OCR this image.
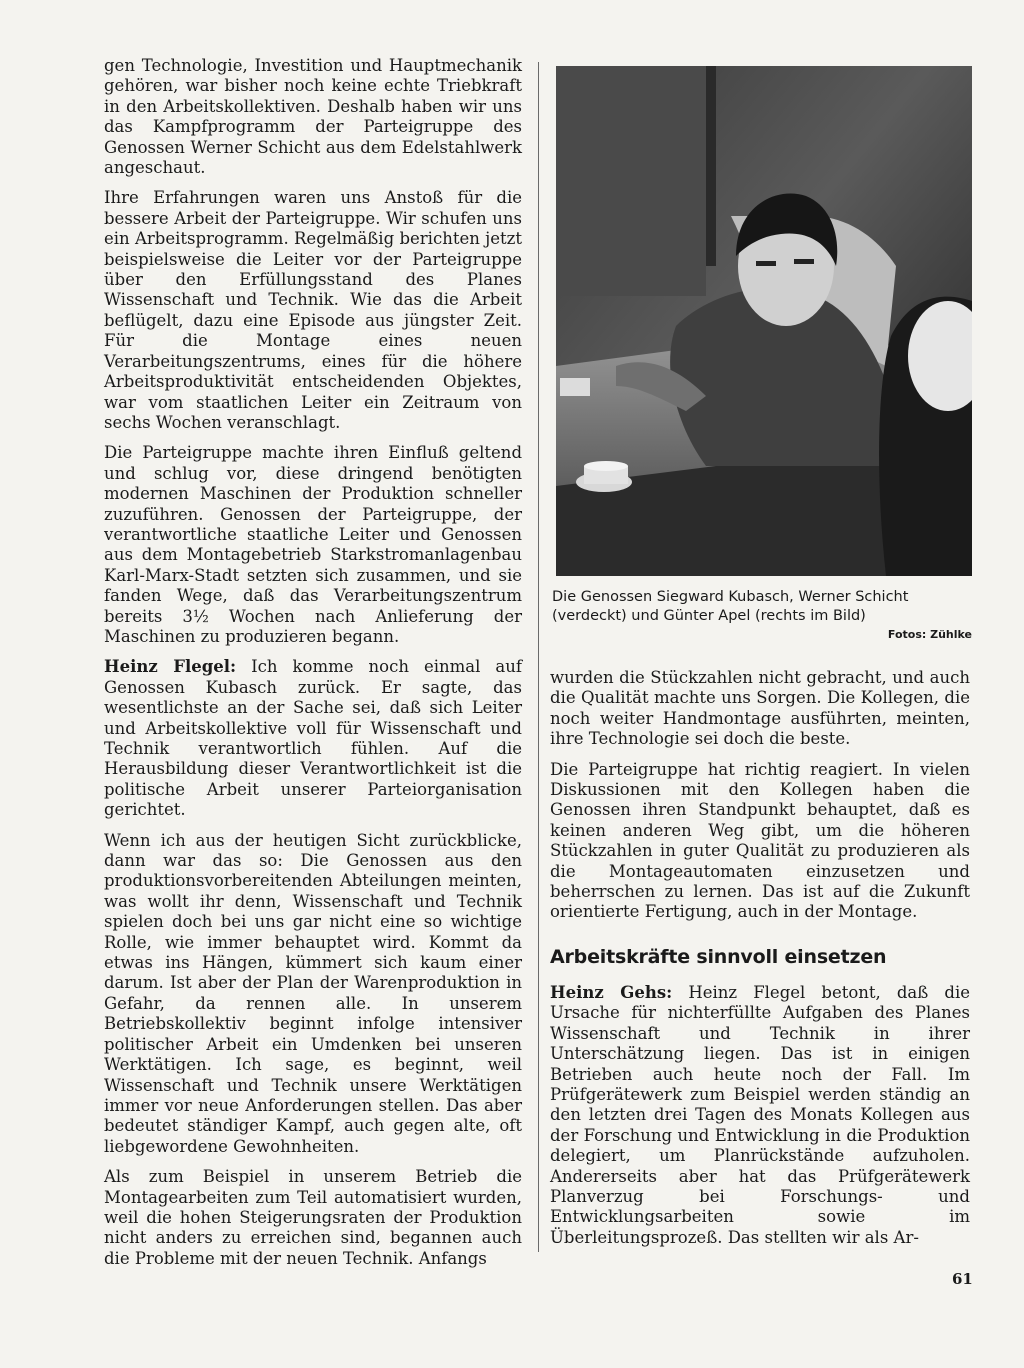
gen Technologie, Investition und Hauptmechanik gehören, war bisher noch keine echte Triebkraft in den Arbeitskollektiven. Deshalb haben wir uns das Kampfprogramm der Parteigruppe des Genossen Werner Schicht aus dem Edelstahlwerk angeschaut.

Ihre Erfahrungen waren uns Anstoß für die bessere Arbeit der Parteigruppe. Wir schufen uns ein Arbeitsprogramm. Regelmäßig berichten jetzt beispielsweise die Leiter vor der Parteigruppe über den Erfüllungsstand des Planes Wissenschaft und Technik. Wie das die Arbeit beflügelt, dazu eine Episode aus jüngster Zeit. Für die Montage eines neuen Verarbeitungszentrums, eines für die höhere Arbeitsproduktivität entscheidenden Objektes, war vom staatlichen Leiter ein Zeitraum von sechs Wochen veranschlagt.

Die Parteigruppe machte ihren Einfluß geltend und schlug vor, diese dringend benötigten modernen Maschinen der Produktion schneller zuzuführen. Genossen der Parteigruppe, der verantwortliche staatliche Leiter und Genossen aus dem Montagebetrieb Starkstromanlagenbau Karl-Marx-Stadt setzten sich zusammen, und sie fanden Wege, daß das Verarbeitungszentrum bereits 3½ Wochen nach Anlieferung der Maschinen zu produzieren begann.

Heinz Flegel: Ich komme noch einmal auf Genossen Kubasch zurück. Er sagte, das wesentlichste an der Sache sei, daß sich Leiter und Arbeitskollektive voll für Wissenschaft und Technik verantwortlich fühlen. Auf die Herausbildung dieser Verantwortlichkeit ist die politische Arbeit unserer Parteiorganisation gerichtet.

Wenn ich aus der heutigen Sicht zurückblicke, dann war das so: Die Genossen aus den produktionsvorbereitenden Abteilungen meinten, was wollt ihr denn, Wissenschaft und Technik spielen doch bei uns gar nicht eine so wichtige Rolle, wie immer behauptet wird. Kommt da etwas ins Hängen, kümmert sich kaum einer darum. Ist aber der Plan der Warenproduktion in Gefahr, da rennen alle. In unserem Betriebskollektiv beginnt infolge intensiver politischer Arbeit ein Umdenken bei unseren Werktätigen. Ich sage, es beginnt, weil Wissenschaft und Technik unsere Werktätigen immer vor neue Anforderungen stellen. Das aber bedeutet ständiger Kampf, auch gegen alte, oft liebgewordene Gewohnheiten.

Als zum Beispiel in unserem Betrieb die Montagearbeiten zum Teil automatisiert wurden, weil die hohen Steigerungsraten der Produktion nicht anders zu erreichen sind, begannen auch die Probleme mit der neuen Technik. Anfangs

Die Genossen Siegward Kubasch, Werner Schicht (verdeckt) und Günter Apel (rechts im Bild)
Fotos: Zühlke

wurden die Stückzahlen nicht gebracht, und auch die Qualität machte uns Sorgen. Die Kollegen, die noch weiter Handmontage ausführten, meinten, ihre Technologie sei doch die beste.

Die Parteigruppe hat richtig reagiert. In vielen Diskussionen mit den Kollegen haben die Genossen ihren Standpunkt behauptet, daß es keinen anderen Weg gibt, um die höheren Stückzahlen in guter Qualität zu produzieren als die Montageautomaten einzusetzen und beherrschen zu lernen. Das ist auf die Zukunft orientierte Fertigung, auch in der Montage.

Arbeitskräfte sinnvoll einsetzen

Heinz Gehs: Heinz Flegel betont, daß die Ursache für nichterfüllte Aufgaben des Planes Wissenschaft und Technik in ihrer Unterschätzung liegen. Das ist in einigen Betrieben auch heute noch der Fall. Im Prüfgerätewerk zum Beispiel werden ständig an den letzten drei Tagen des Monats Kollegen aus der Forschung und Entwicklung in die Produktion delegiert, um Planrückstände aufzuholen. Andererseits aber hat das Prüfgerätewerk Planverzug bei Forschungs- und Entwicklungsarbeiten sowie im Überleitungsprozeß. Das stellten wir als Ar-

61
